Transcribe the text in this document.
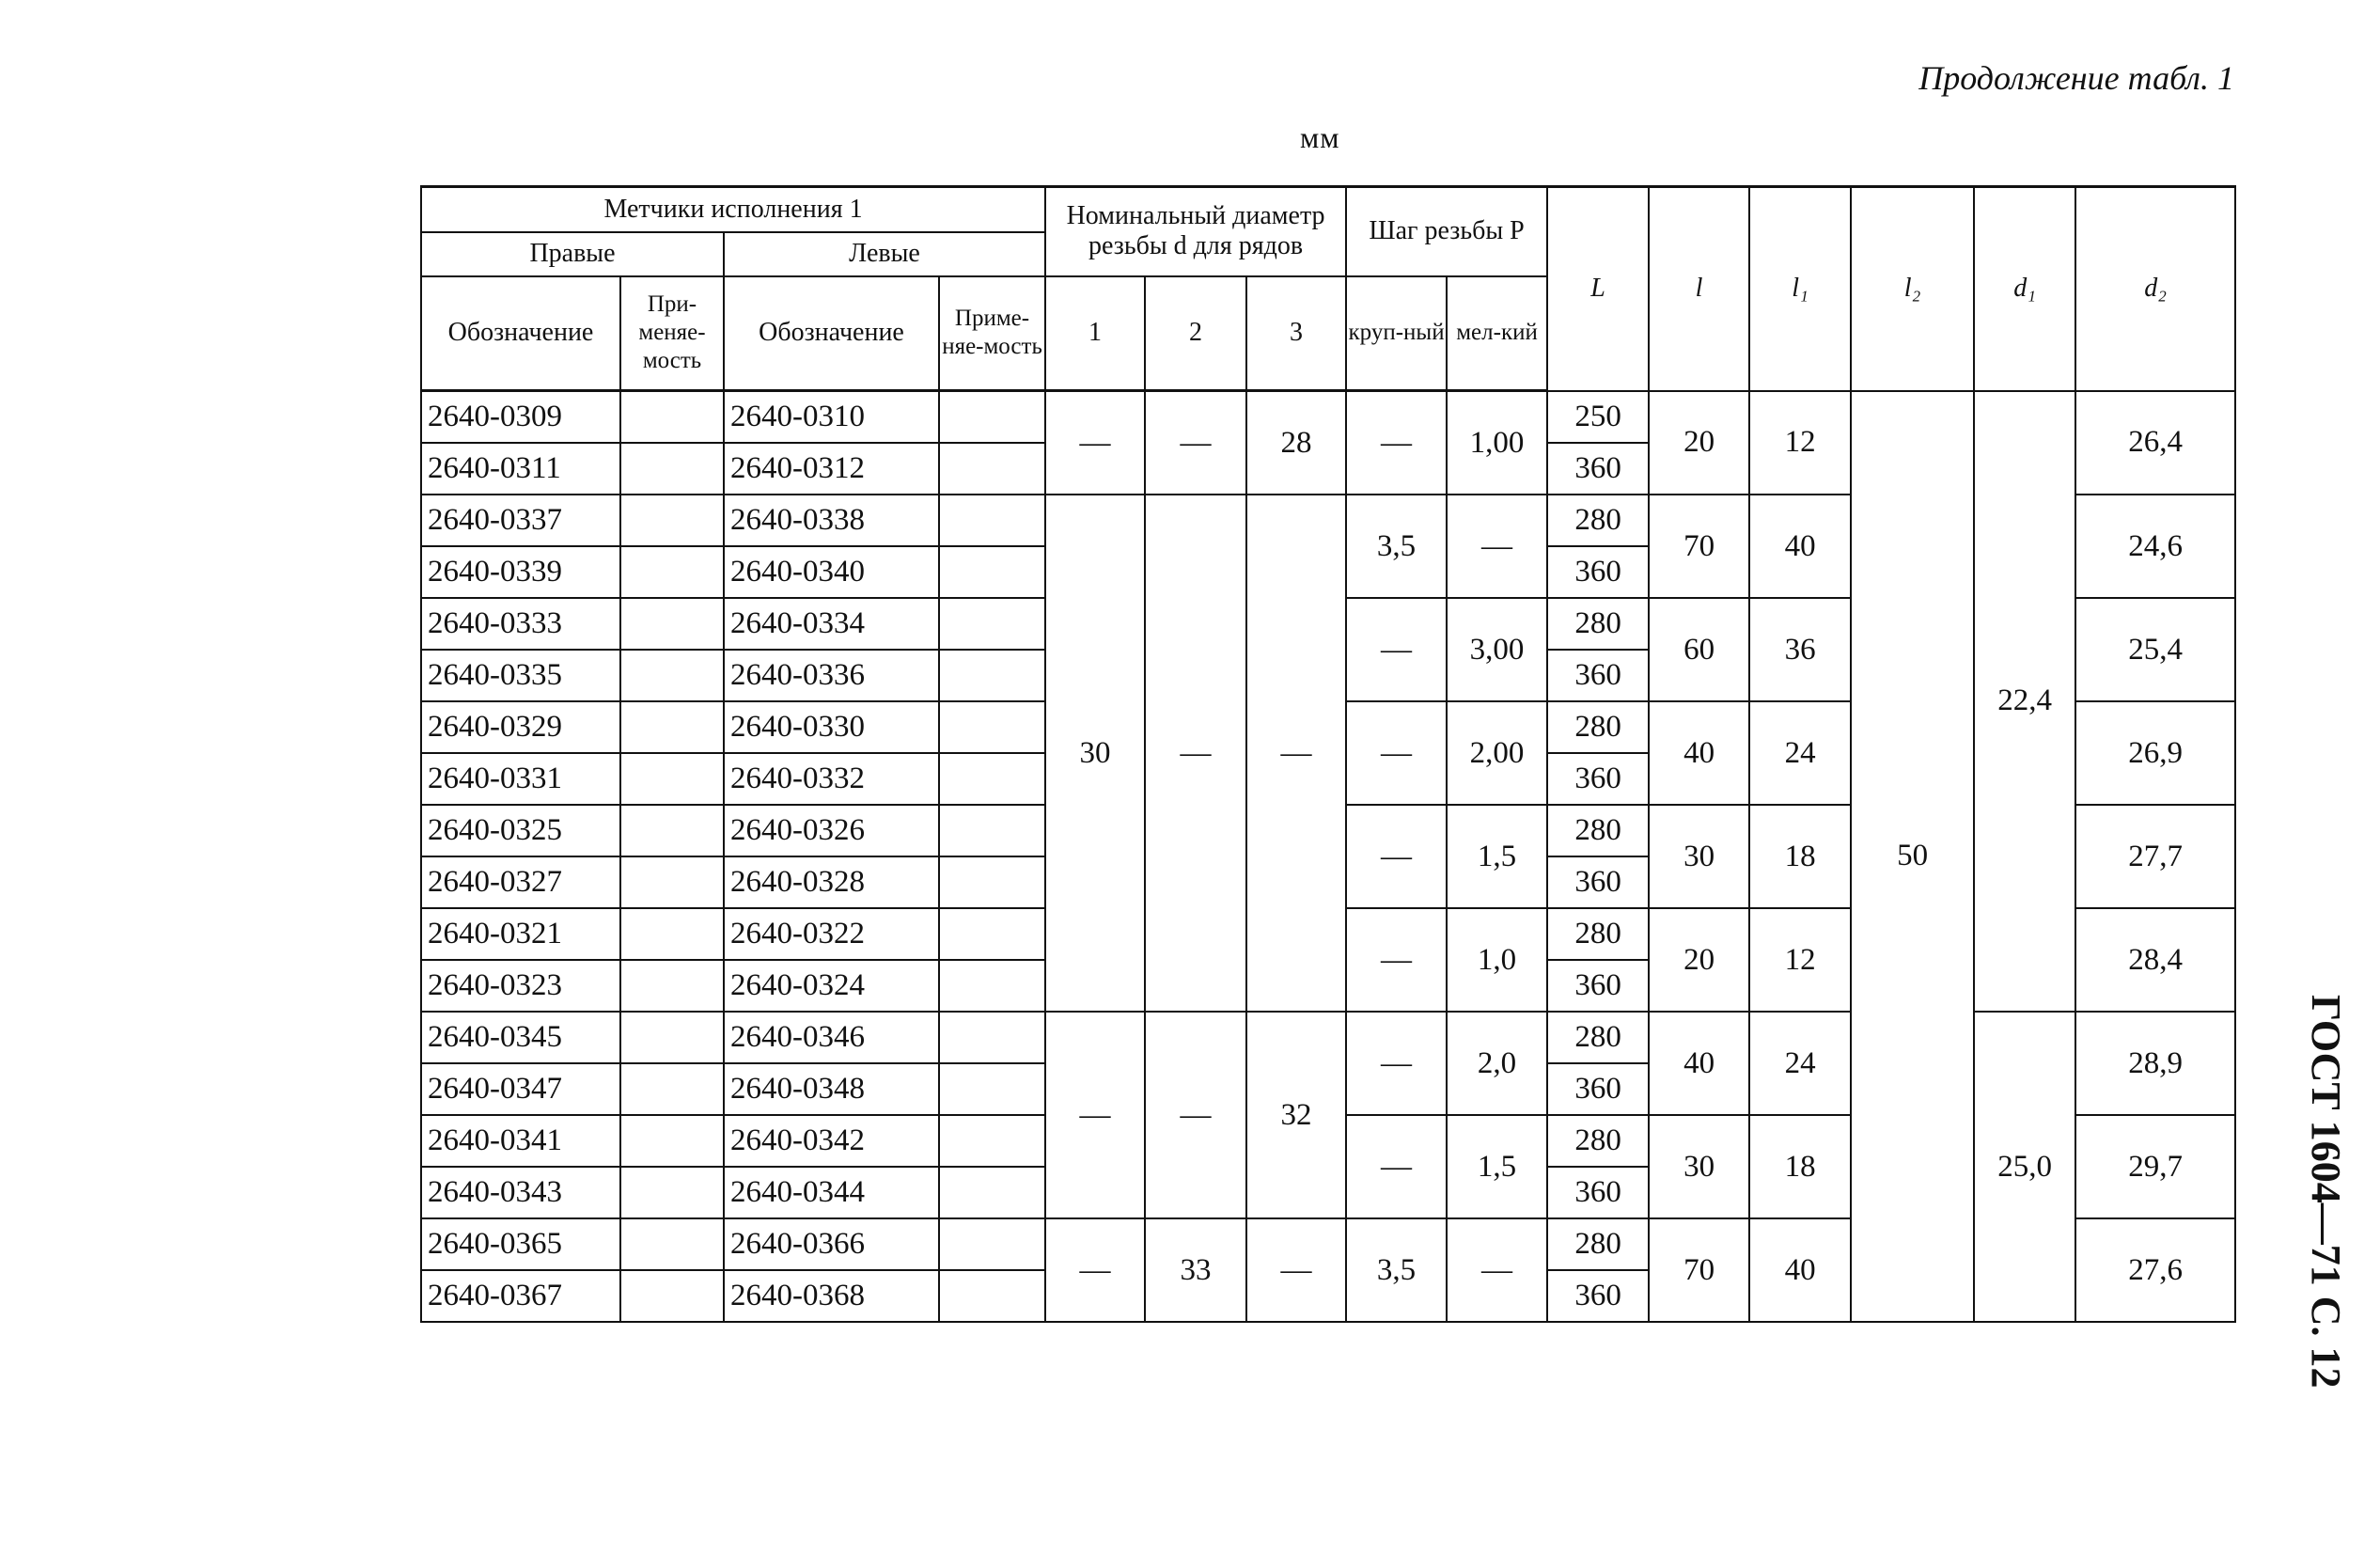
Продолжение табл. 1
мм
ГОСТ 1604—71 С. 12
Метчики исполнения 1				Номинальный диаметр резьбы d для рядов			Шаг резьбы P		L	l	l₁	l₂	d₁	d₂
Правые		Левые												
Обозначение	При-меняе-мость	Обозначение	Приме-няе-мость	1	2	3	круп-ный	мел-кий						
2640-0309		2640-0310		—	—	28	—	1,00	250	20	12	50	22,4	26,4
2640-0311		2640-0312							360					
2640-0337		2640-0338		30	—	—	3,5	—	280	70	40			24,6
2640-0339		2640-0340							360					
2640-0333		2640-0334					—	3,00	280	60	36			25,4
2640-0335		2640-0336							360					
2640-0329		2640-0330					—	2,00	280	40	24			26,9
2640-0331		2640-0332							360					
2640-0325		2640-0326					—	1,5	280	30	18			27,7
2640-0327		2640-0328							360					
2640-0321		2640-0322					—	1,0	280	20	12			28,4
2640-0323		2640-0324							360					
2640-0345		2640-0346		—	—	32	—	2,0	280	40	24		25,0	28,9
2640-0347		2640-0348							360					
2640-0341		2640-0342					—	1,5	280	30	18			29,7
2640-0343		2640-0344							360					
2640-0365		2640-0366		—	33	—	3,5	—	280	70	40			27,6
2640-0367		2640-0368							360					
